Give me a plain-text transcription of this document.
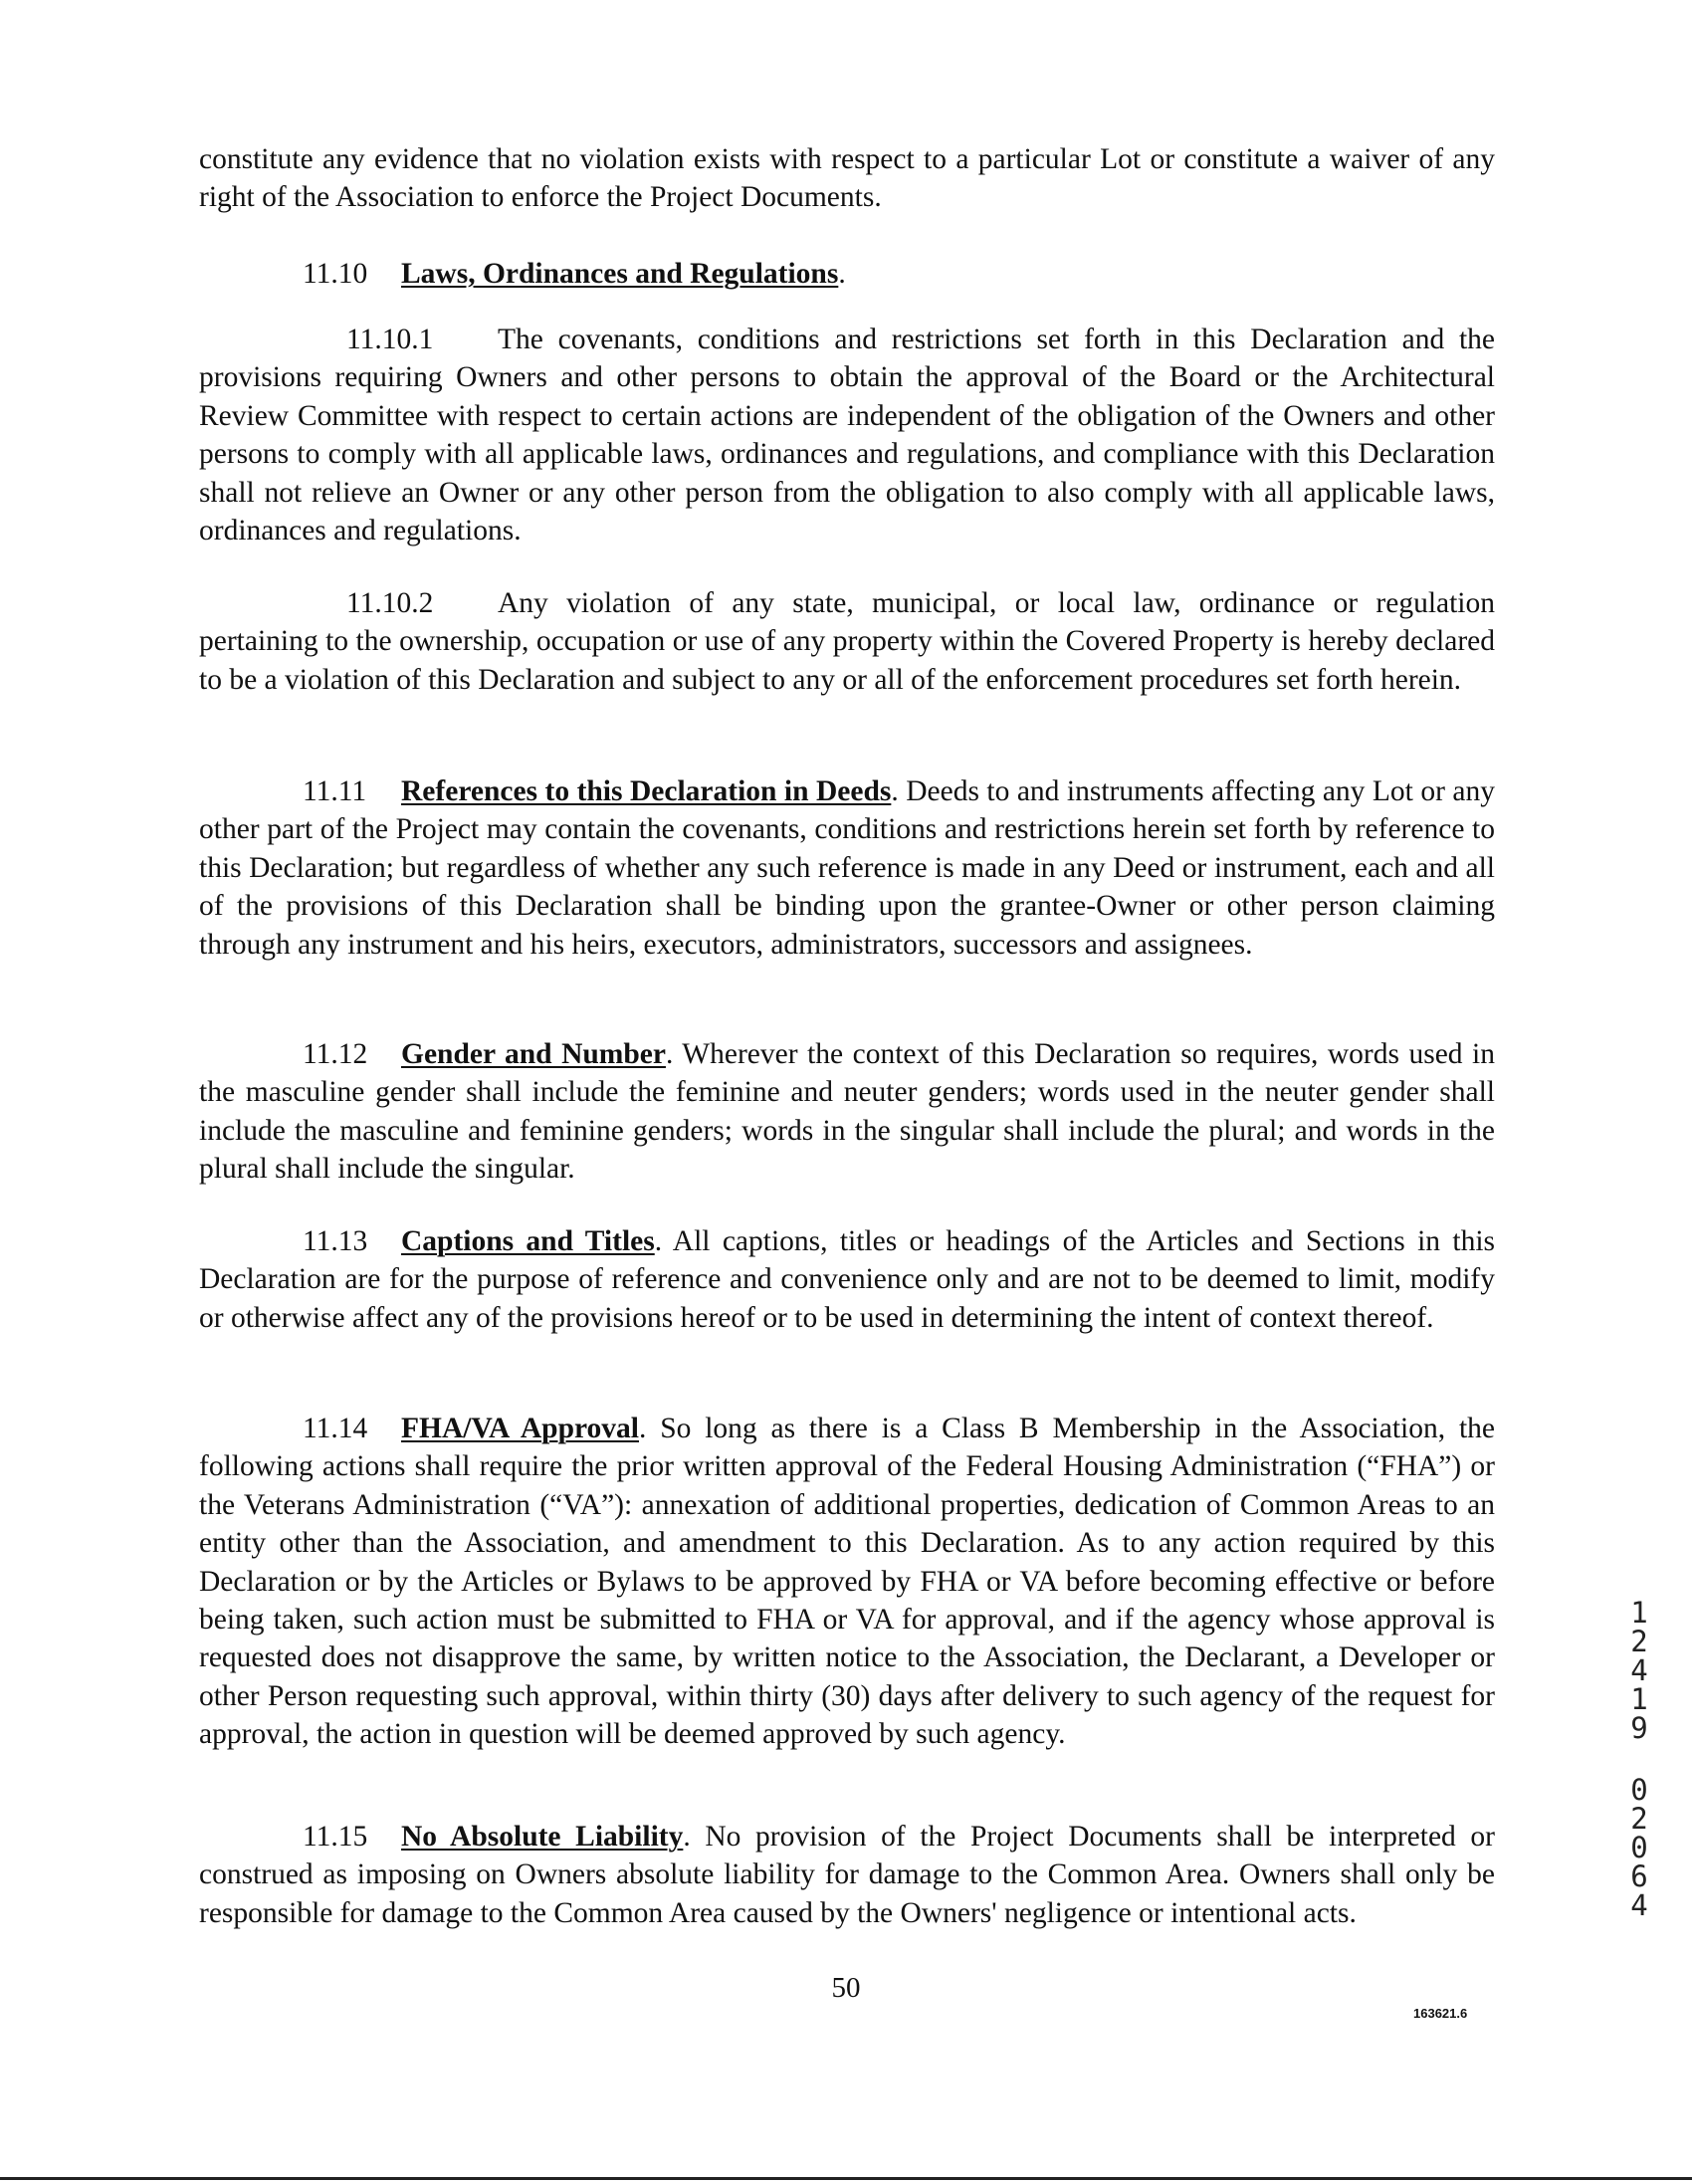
constitute any evidence that no violation exists with respect to a particular Lot or constitute a waiver of any right of the Association to enforce the Project Documents.

11.10 Laws, Ordinances and Regulations.

11.10.1 The covenants, conditions and restrictions set forth in this Declaration and the provisions requiring Owners and other persons to obtain the approval of the Board or the Architectural Review Committee with respect to certain actions are independent of the obligation of the Owners and other persons to comply with all applicable laws, ordinances and regulations, and compliance with this Declaration shall not relieve an Owner or any other person from the obligation to also comply with all applicable laws, ordinances and regulations.

11.10.2 Any violation of any state, municipal, or local law, ordinance or regulation pertaining to the ownership, occupation or use of any property within the Covered Property is hereby declared to be a violation of this Declaration and subject to any or all of the enforcement procedures set forth herein.

11.11 References to this Declaration in Deeds. Deeds to and instruments affecting any Lot or any other part of the Project may contain the covenants, conditions and restrictions herein set forth by reference to this Declaration; but regardless of whether any such reference is made in any Deed or instrument, each and all of the provisions of this Declaration shall be binding upon the grantee-Owner or other person claiming through any instrument and his heirs, executors, administrators, successors and assignees.

11.12 Gender and Number. Wherever the context of this Declaration so requires, words used in the masculine gender shall include the feminine and neuter genders; words used in the neuter gender shall include the masculine and feminine genders; words in the singular shall include the plural; and words in the plural shall include the singular.

11.13 Captions and Titles. All captions, titles or headings of the Articles and Sections in this Declaration are for the purpose of reference and convenience only and are not to be deemed to limit, modify or otherwise affect any of the provisions hereof or to be used in determining the intent of context thereof.

11.14 FHA/VA Approval. So long as there is a Class B Membership in the Association, the following actions shall require the prior written approval of the Federal Housing Administration (“FHA”) or the Veterans Administration (“VA”): annexation of additional properties, dedication of Common Areas to an entity other than the Association, and amendment to this Declaration. As to any action required by this Declaration or by the Articles or Bylaws to be approved by FHA or VA before becoming effective or before being taken, such action must be submitted to FHA or VA for approval, and if the agency whose approval is requested does not disapprove the same, by written notice to the Association, the Declarant, a Developer or other Person requesting such approval, within thirty (30) days after delivery to such agency of the request for approval, the action in question will be deemed approved by such agency.

11.15 No Absolute Liability. No provision of the Project Documents shall be interpreted or construed as imposing on Owners absolute liability for damage to the Common Area. Owners shall only be responsible for damage to the Common Area caused by the Owners' negligence or intentional acts.

50
163621.6
1
2
4
1
9
0
2
0
6
4
